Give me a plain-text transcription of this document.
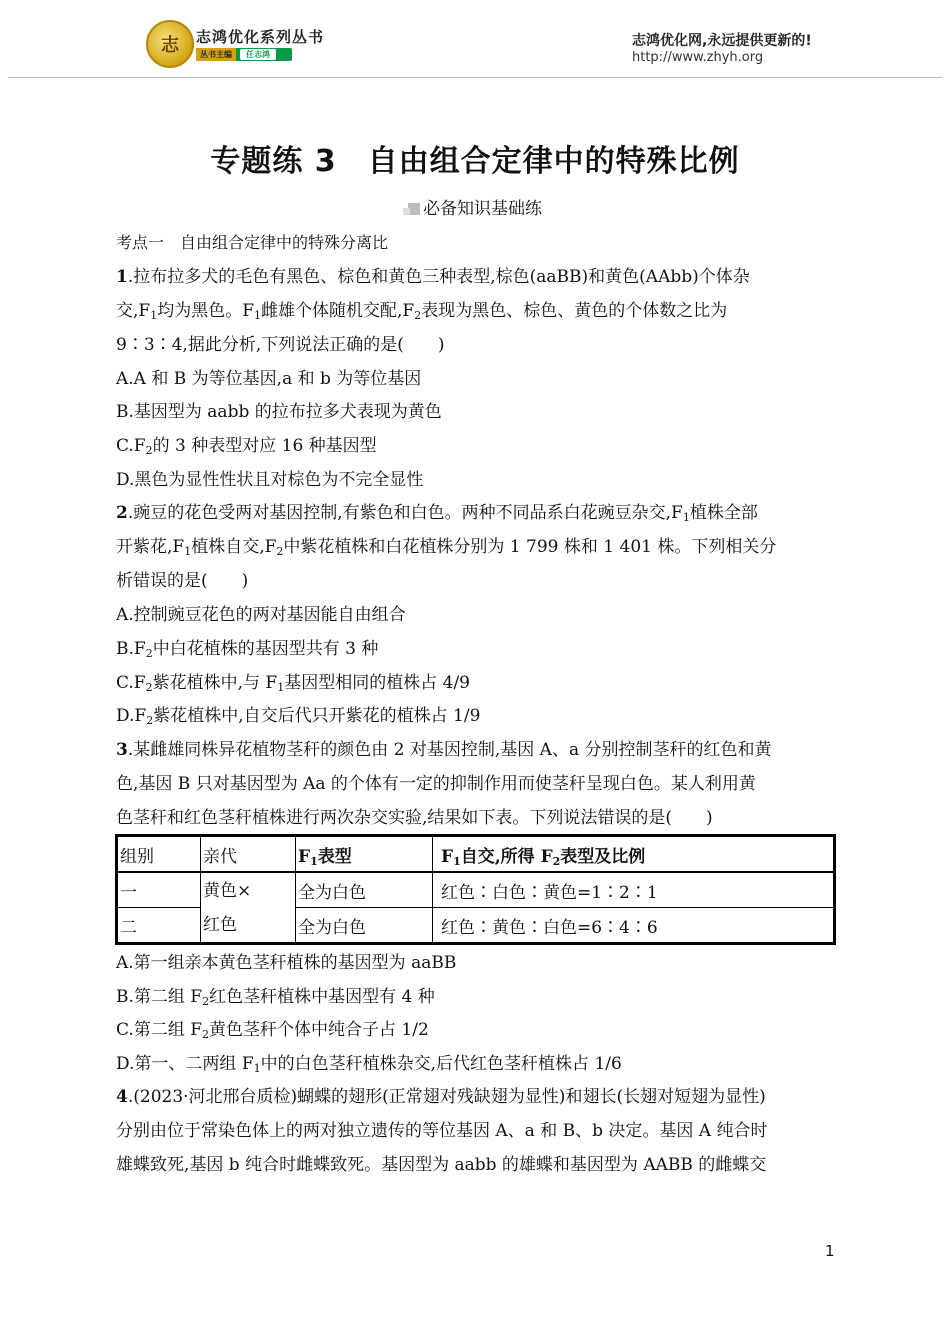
志 志鸿优化系列丛书
丛书主编	任志鸿
志鸿优化网,永远提供更新的!
http://www.zhyh.org
专题练 3　自由组合定律中的特殊比例
必备知识基础练
考点一　自由组合定律中的特殊分离比
1.拉布拉多犬的毛色有黑色、棕色和黄色三种表型,棕色(aaBB)和黄色(AAbb)个体杂
交$,F_1$均为黑色。$F_1$雌雄个体随机交配$,F_2$表现为黑色、棕色、黄色的个体数之比为
9∶3∶4,据此分析,下列说法正确的是(　　)
A.A 和 B 为等位基因,a 和 b 为等位基因
B.基因型为 aabb 的拉布拉多犬表现为黄色
$C.F_2$的 3 种表型对应 16 种基因型
D.黑色为显性性状且对棕色为不完全显性
2.豌豆的花色受两对基因控制,有紫色和白色。两种不同品系白花豌豆杂交$,F_1$植株全部
开紫花$,F_1$植株自交$,F_2$中紫花植株和白花植株分别为 1 799 株和 1 401 株。下列相关分
析错误的是(　　)
A.控制豌豆花色的两对基因能自由组合
$B.F_2$中白花植株的基因型共有 3 种
$C.F_2$紫花植株中,与 $F_1$基因型相同的植株占 4/9
$D.F_2$紫花植株中,自交后代只开紫花的植株占 1/9
3.某雌雄同株异花植物茎秆的颜色由 2 对基因控制,基因 A、a 分别控制茎秆的红色和黄
色,基因 B 只对基因型为 Aa 的个体有一定的抑制作用而使茎秆呈现白色。某人利用黄
色茎秆和红色茎秆植株进行两次杂交实验,结果如下表。下列说法错误的是(　　)
组别	亲代	$F_1$表型	$F_1$自交,所得 $F_2$表型及比例
一	黄色×
红色	全为白色	红色∶白色∶黄色=1∶2∶1
二		全为白色	红色∶黄色∶白色=6∶4∶6
A.第一组亲本黄色茎秆植株的基因型为 aaBB
B.第二组 $F_2$红色茎秆植株中基因型有 4 种
C.第二组 $F_2$黄色茎秆个体中纯合子占 1/2
D.第一、二两组 $F_1$中的白色茎秆植株杂交,后代红色茎秆植株占 1/6
4.(2023·河北邢台质检)蝴蝶的翅形(正常翅对残缺翅为显性)和翅长(长翅对短翅为显性)
分别由位于常染色体上的两对独立遗传的等位基因 A、a 和 B、b 决定。基因 A 纯合时
雄蝶致死,基因 b 纯合时雌蝶致死。基因型为 aabb 的雄蝶和基因型为 AABB 的雌蝶交
1
